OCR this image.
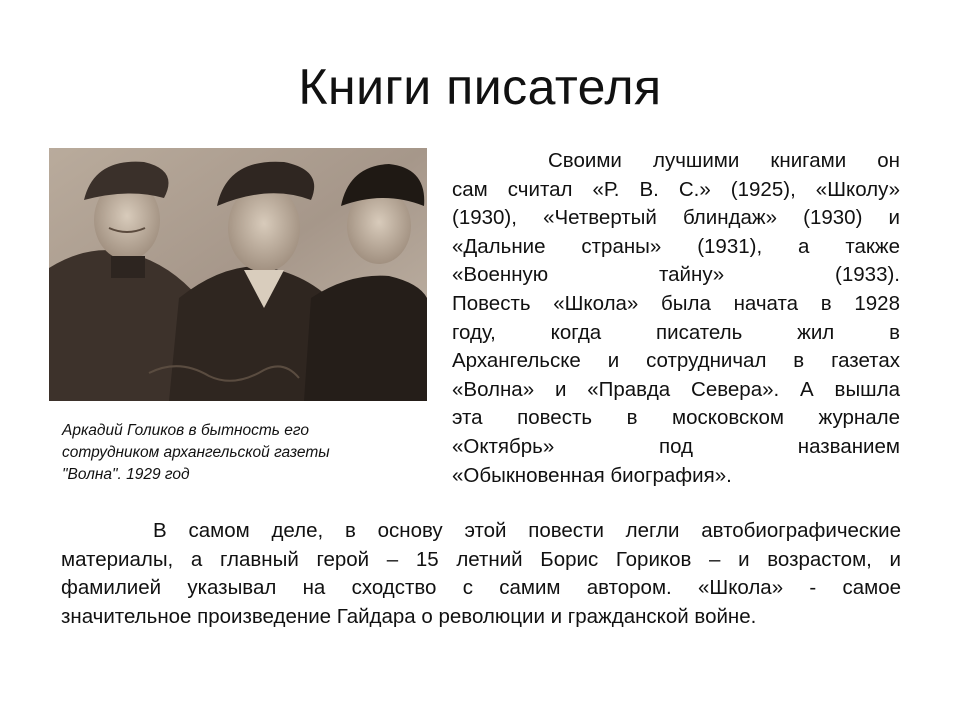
Книги писателя
Аркадий Голиков в бытность его
сотрудником архангельской газеты
"Волна". 1929 год
Своими лучшими книгами он
сам считал «Р. В. С.» (1925), «Школу»
(1930), «Четвертый блиндаж» (1930) и
«Дальние страны» (1931), а также
«Военную тайну» (1933).
Повесть «Школа» была начата в 1928
году, когда писатель жил в
Архангельске и сотрудничал в газетах
«Волна» и «Правда Севера». А вышла
эта повесть в московском журнале
«Октябрь» под названием
«Обыкновенная биография».
В самом деле, в основу этой повести легли автобиографические
материалы, а главный герой – 15 летний Борис Гориков – и возрастом, и
фамилией указывал на сходство с самим автором. «Школа» - самое
значительное произведение Гайдара о революции и гражданской войне.
